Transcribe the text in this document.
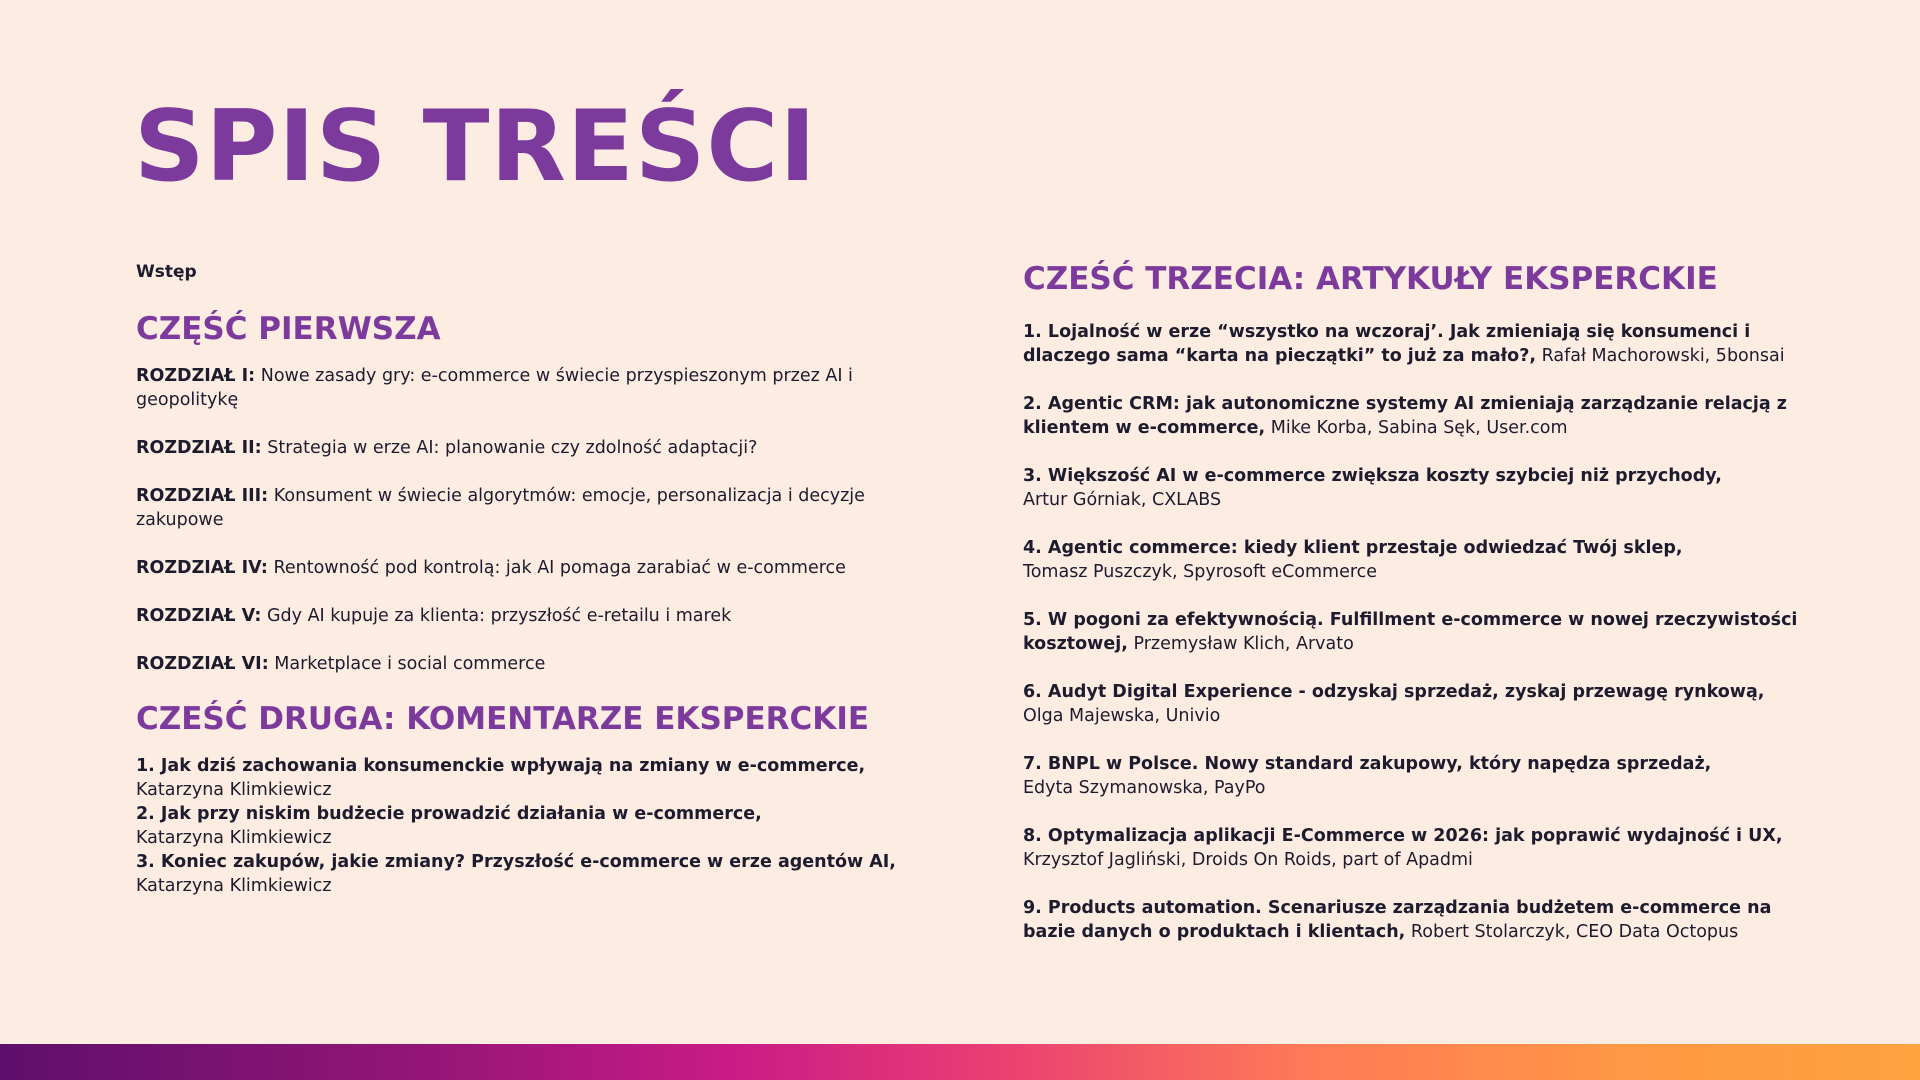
SPIS TREŚCI
Wstęp
CZĘŚĆ PIERWSZA

ROZDZIAŁ I: Nowe zasady gry: e-commerce w świecie przyspieszonym przez AI i geopolitykę

ROZDZIAŁ II: Strategia w erze AI: planowanie czy zdolność adaptacji?

ROZDZIAŁ III: Konsument w świecie algorytmów: emocje, personalizacja i decyzje zakupowe

ROZDZIAŁ IV: Rentowność pod kontrolą: jak AI pomaga zarabiać w e-commerce

ROZDZIAŁ V: Gdy AI kupuje za klienta: przyszłość e-retailu i marek

ROZDZIAŁ VI: Marketplace i social commerce

CZEŚĆ DRUGA: KOMENTARZE EKSPERCKIE

1. Jak dziś zachowania konsumenckie wpływają na zmiany w e-commerce,
Katarzyna Klimkiewicz

2. Jak przy niskim budżecie prowadzić działania w e-commerce,
Katarzyna Klimkiewicz

3. Koniec zakupów, jakie zmiany? Przyszłość e-commerce w erze agentów AI,
Katarzyna Klimkiewicz

CZEŚĆ TRZECIA: ARTYKUŁY EKSPERCKIE

1. Lojalność w erze “wszystko na wczoraj’. Jak zmieniają się konsumenci i dlaczego sama “karta na pieczątki” to już za mało?, Rafał Machorowski, 5bonsai

2. Agentic CRM: jak autonomiczne systemy AI zmieniają zarządzanie relacją z klientem w e-commerce, Mike Korba, Sabina Sęk, User.com

3. Większość AI w e-commerce zwiększa koszty szybciej niż przychody,
Artur Górniak, CXLABS

4. Agentic commerce: kiedy klient przestaje odwiedzać Twój sklep,
Tomasz Puszczyk, Spyrosoft eCommerce

5. W pogoni za efektywnością. Fulfillment e-commerce w nowej rzeczywistości kosztowej, Przemysław Klich, Arvato

6. Audyt Digital Experience - odzyskaj sprzedaż, zyskaj przewagę rynkową,
Olga Majewska, Univio

7. BNPL w Polsce. Nowy standard zakupowy, który napędza sprzedaż,
Edyta Szymanowska, PayPo

8. Optymalizacja aplikacji E-Commerce w 2026: jak poprawić wydajność i UX,
Krzysztof Jagliński, Droids On Roids, part of Apadmi

9. Products automation. Scenariusze zarządzania budżetem e-commerce na bazie danych o produktach i klientach, Robert Stolarczyk, CEO Data Octopus
